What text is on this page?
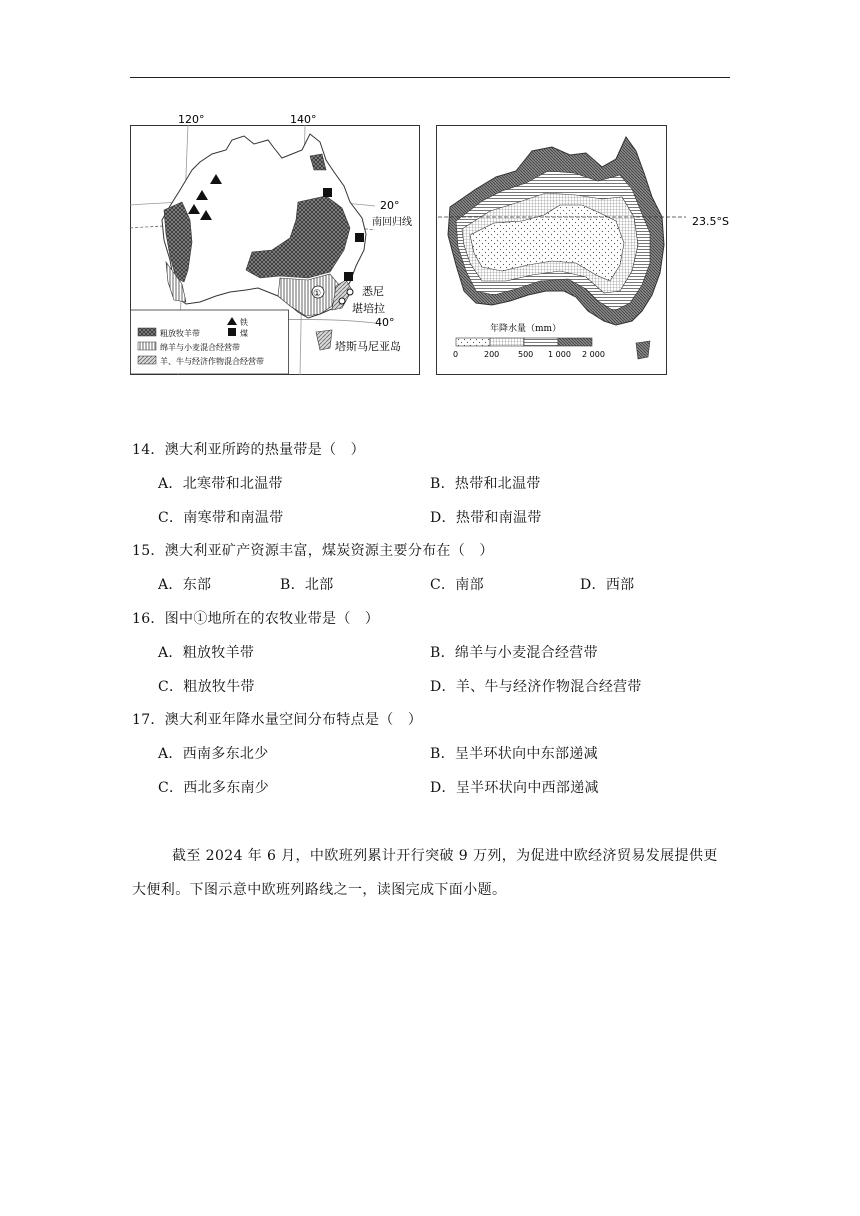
120°	140°
20°
南回归线
40°
①	悉尼
堪培拉
塔斯马尼亚岛
铁
煤
粗放牧羊带
绵羊与小麦混合经营带
羊、牛与经济作物混合经营带
23.5°S
年降水量（mm）
0	200 500 1 000 2 000
14．澳大利亚所跨的热量带是（　）
A．北寒带和北温带	B．热带和北温带
C．南寒带和南温带	D．热带和南温带
15．澳大利亚矿产资源丰富，煤炭资源主要分布在（　）
A．东部	B．北部	C．南部	D．西部
16．图中①地所在的农牧业带是（　）
A．粗放牧羊带	B．绵羊与小麦混合经营带
C．粗放牧牛带	D．羊、牛与经济作物混合经营带
17．澳大利亚年降水量空间分布特点是（　）
A．西南多东北少	B．呈半环状向中东部递减
C．西北多东南少	D．呈半环状向中西部递减
截至 2024 年 6 月，中欧班列累计开行突破 9 万列，为促进中欧经济贸易发展提供更
大便利。下图示意中欧班列路线之一，读图完成下面小题。
